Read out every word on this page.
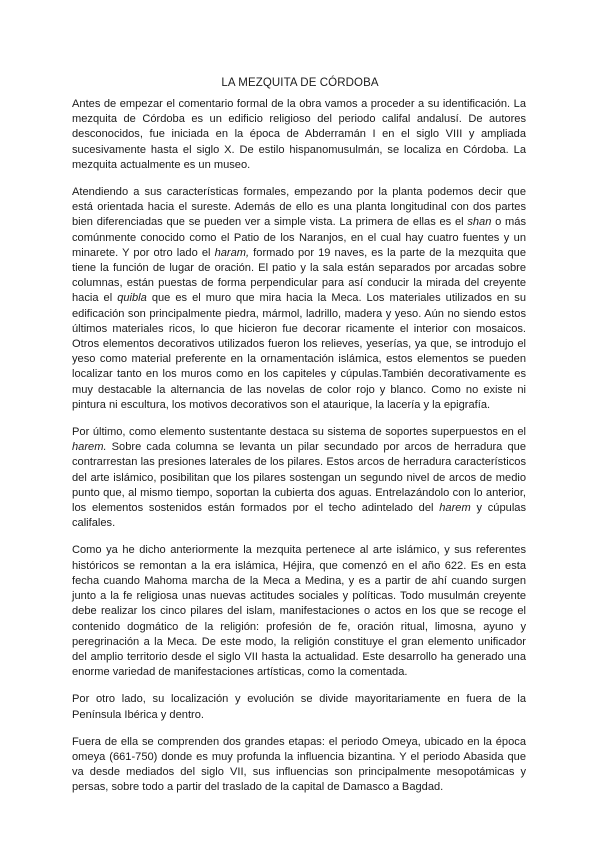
LA MEZQUITA DE CÓRDOBA

Antes de empezar el comentario formal de la obra vamos a proceder a su identificación. La mezquita de Córdoba es un edificio religioso del periodo califal andalusí. De autores desconocidos, fue iniciada en la época de Abderramán I en el siglo VIII y ampliada sucesivamente hasta el siglo X. De estilo hispanomusulmán, se localiza en Córdoba. La mezquita actualmente es un museo.

Atendiendo a sus características formales, empezando por la planta podemos decir que está orientada hacia el sureste. Además de ello es una planta longitudinal con dos partes bien diferenciadas que se pueden ver a simple vista. La primera de ellas es el shan o más comúnmente conocido como el Patio de los Naranjos, en el cual hay cuatro fuentes y un minarete. Y por otro lado el haram, formado por 19 naves, es la parte de la mezquita que tiene la función de lugar de oración. El patio y la sala están separados por arcadas sobre columnas, están puestas de forma perpendicular para así conducir la mirada del creyente hacia el quibla que es el muro que mira hacia la Meca. Los materiales utilizados en su edificación son principalmente piedra, mármol, ladrillo, madera y yeso. Aún no siendo estos últimos materiales ricos, lo que hicieron fue decorar ricamente el interior con mosaicos. Otros elementos decorativos utilizados fueron los relieves, yeserías, ya que, se introdujo el yeso como material preferente en la ornamentación islámica, estos elementos se pueden localizar tanto en los muros como en los capiteles y cúpulas.También decorativamente es muy destacable la alternancia de las novelas de color rojo y blanco. Como no existe ni pintura ni escultura, los motivos decorativos son el ataurique, la lacería y la epigrafía.

Por último, como elemento sustentante destaca su sistema de soportes superpuestos en el harem. Sobre cada columna se levanta un pilar secundado por arcos de herradura que contrarrestan las presiones laterales de los pilares. Estos arcos de herradura característicos del arte islámico, posibilitan que los pilares sostengan un segundo nivel de arcos de medio punto que, al mismo tiempo, soportan la cubierta dos aguas. Entrelazándolo con lo anterior, los elementos sostenidos están formados por el techo adintelado del harem y cúpulas califales.

Como ya he dicho anteriormente la mezquita pertenece al arte islámico, y sus referentes históricos se remontan a la era islámica, Héjira, que comenzó en el año 622. Es en esta fecha cuando Mahoma marcha de la Meca a Medina, y es a partir de ahí cuando surgen junto a la fe religiosa unas nuevas actitudes sociales y políticas. Todo musulmán creyente debe realizar los cinco pilares del islam, manifestaciones o actos en los que se recoge el contenido dogmático de la religión: profesión de fe, oración ritual, limosna, ayuno y peregrinación a la Meca. De este modo, la religión constituye el gran elemento unificador del amplio territorio desde el siglo VII hasta la actualidad. Este desarrollo ha generado una enorme variedad de manifestaciones artísticas, como la comentada.

Por otro lado, su localización y evolución se divide mayoritariamente en fuera de la Península Ibérica y dentro.

Fuera de ella se comprenden dos grandes etapas: el periodo Omeya, ubicado en la época omeya (661-750) donde es muy profunda la influencia bizantina. Y el periodo Abasida que va desde mediados del siglo VII, sus influencias son principalmente mesopotámicas y persas, sobre todo a partir del traslado de la capital de Damasco a Bagdad.
